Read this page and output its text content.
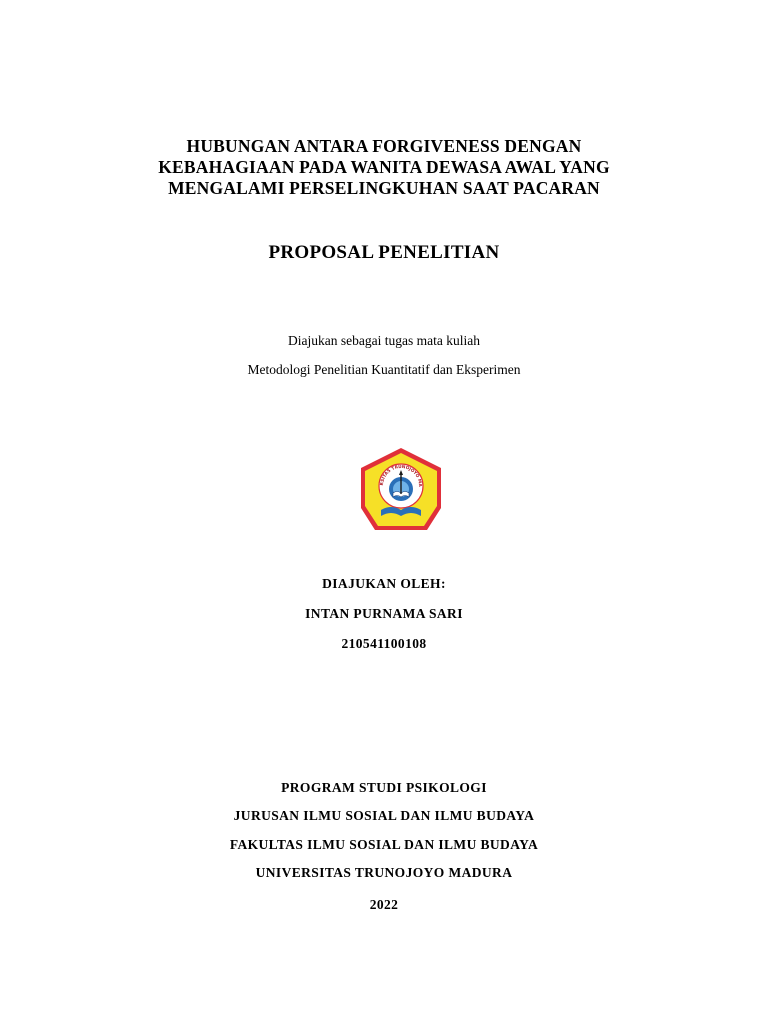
HUBUNGAN ANTARA FORGIVENESS DENGAN
KEBAHAGIAAN PADA WANITA DEWASA AWAL YANG
MENGALAMI PERSELINGKUHAN SAAT PACARAN
PROPOSAL PENELITIAN
Diajukan sebagai tugas mata kuliah
Metodologi Penelitian Kuantitatif dan Eksperimen
RSITAS TRUNOJOYO MA
DIAJUKAN OLEH:
INTAN PURNAMA SARI
210541100108
PROGRAM STUDI PSIKOLOGI
JURUSAN ILMU SOSIAL DAN ILMU BUDAYA
FAKULTAS ILMU SOSIAL DAN ILMU BUDAYA
UNIVERSITAS TRUNOJOYO MADURA
2022
